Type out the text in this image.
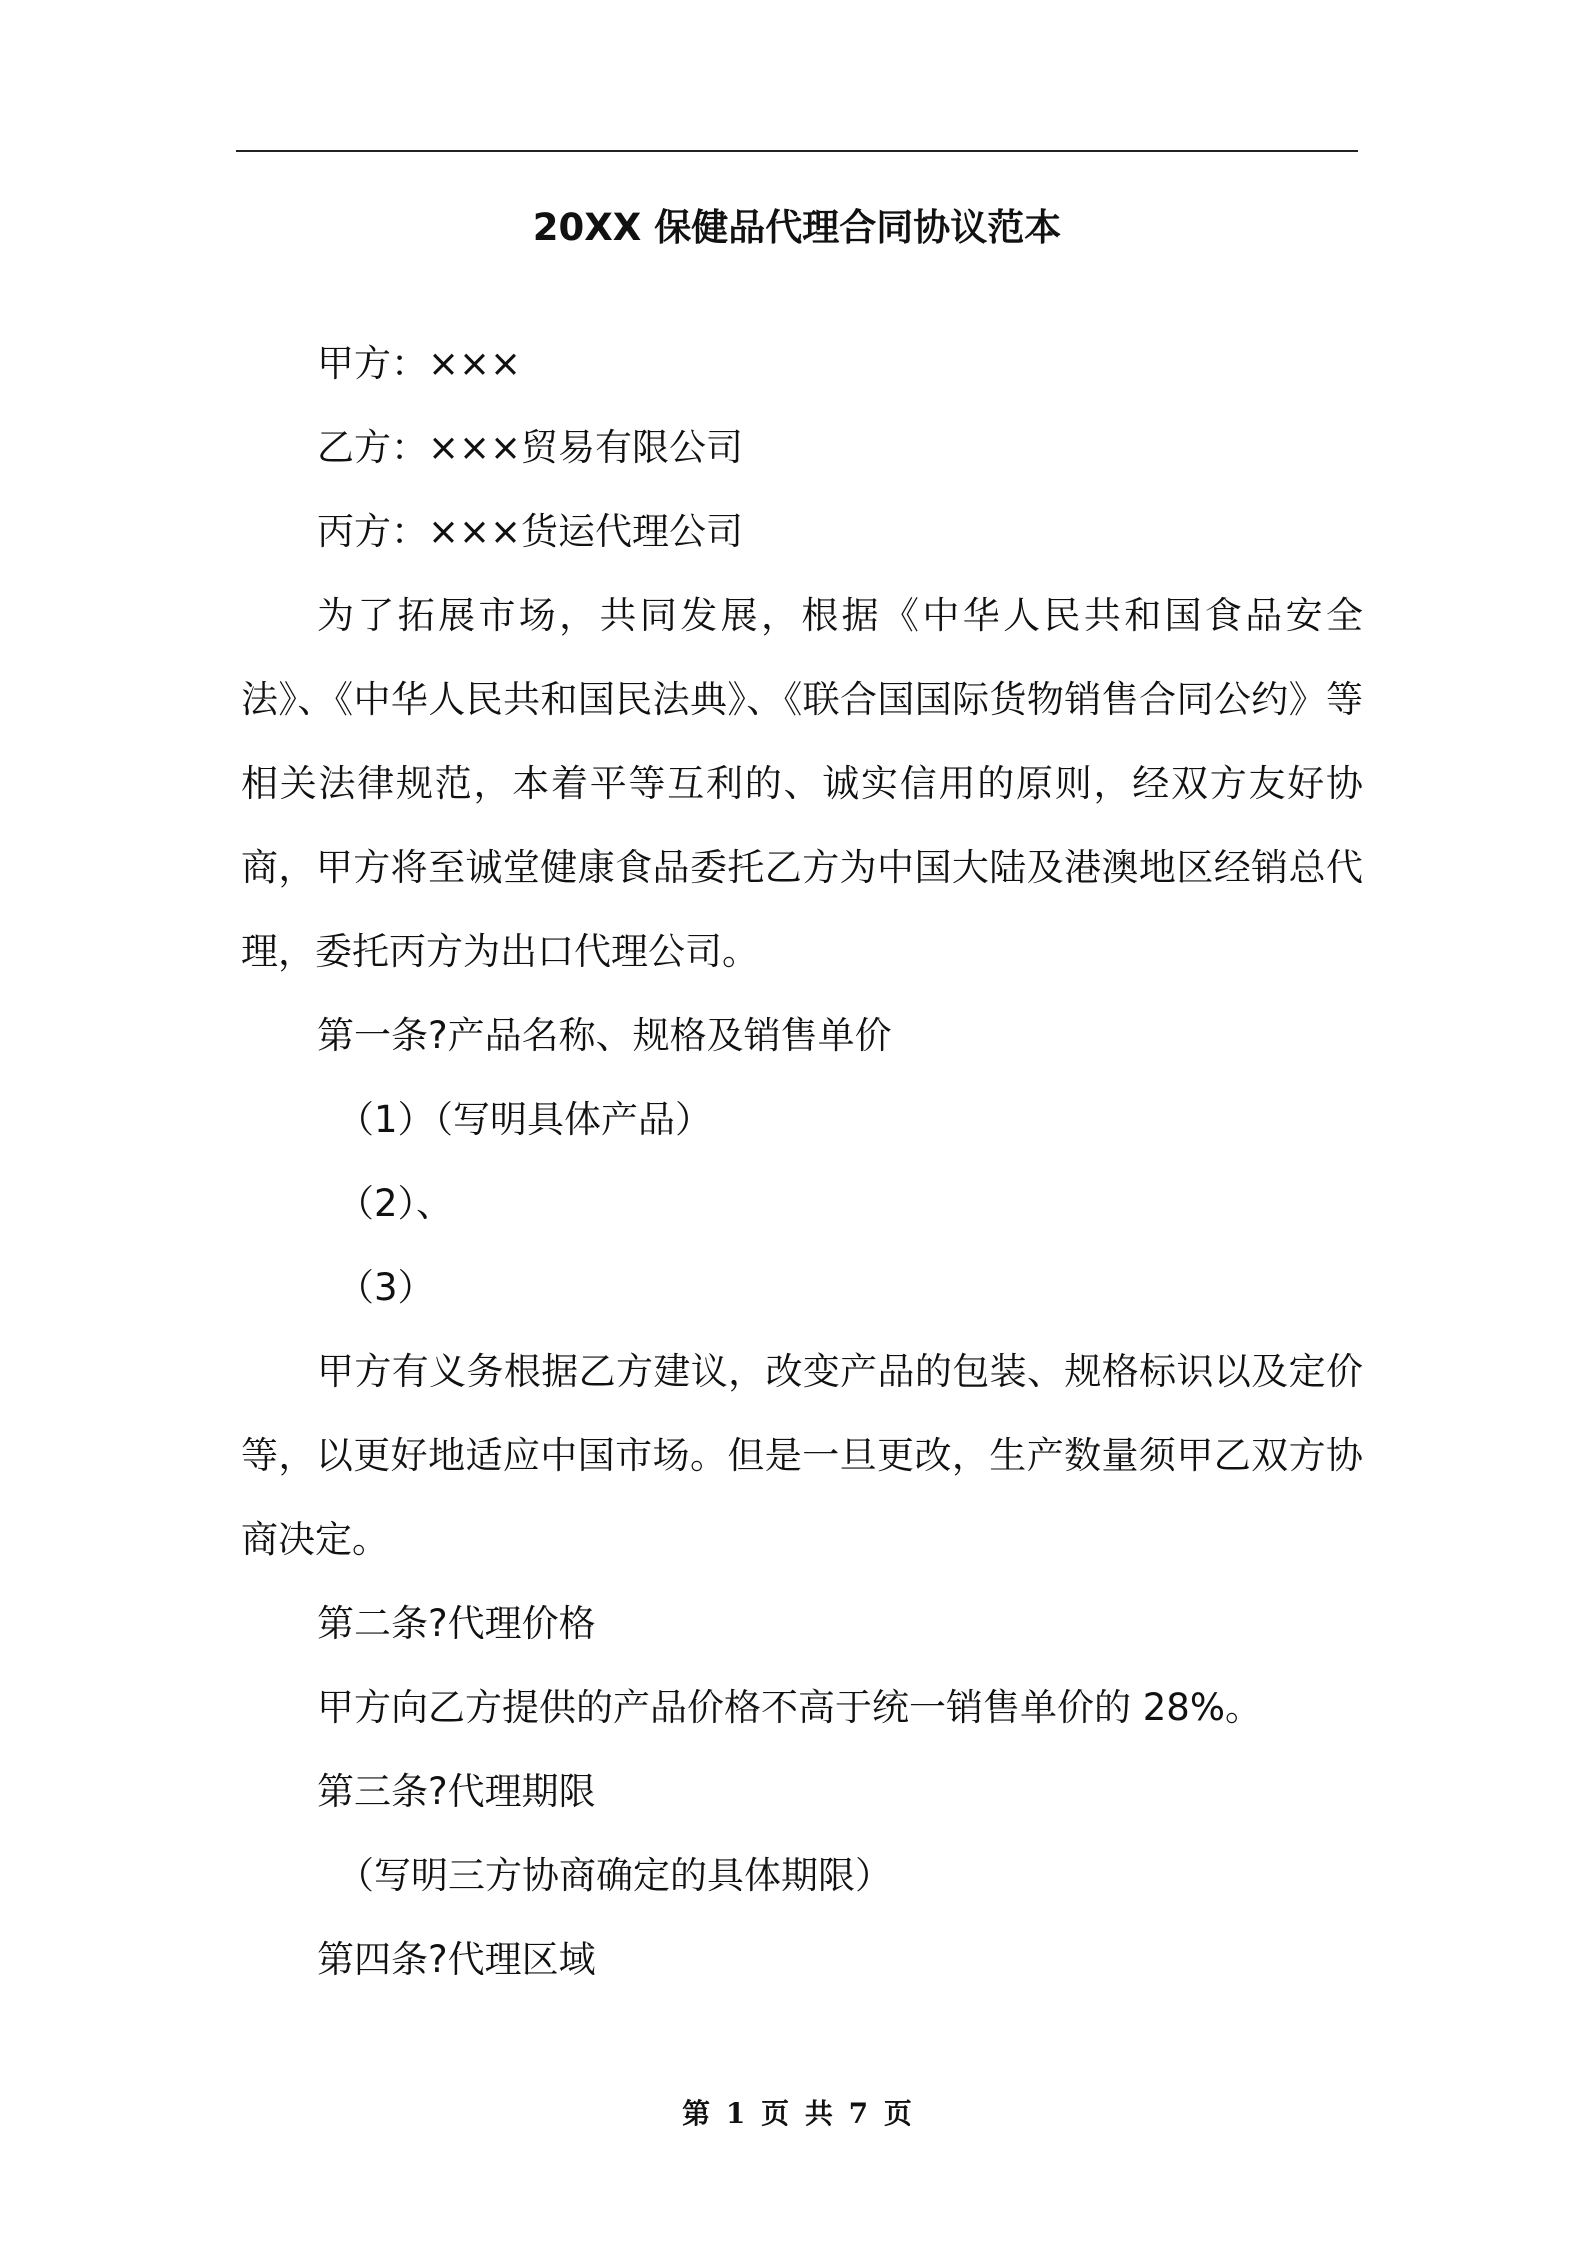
20XX 保健品代理合同协议范本

甲方：×××

乙方：×××贸易有限公司

丙方：×××货运代理公司

为了拓展市场，共同发展，根据《中华人民共和国食品安全法》、《中华人民共和国民法典》、《联合国国际货物销售合同公约》等相关法律规范，本着平等互利的、诚实信用的原则，经双方友好协商，甲方将至诚堂健康食品委托乙方为中国大陆及港澳地区经销总代理，委托丙方为出口代理公司。

第一条?产品名称、规格及销售单价

（1）（写明具体产品）

（2）、

（3）

甲方有义务根据乙方建议，改变产品的包装、规格标识以及定价等，以更好地适应中国市场。但是一旦更改，生产数量须甲乙双方协商决定。

第二条?代理价格

甲方向乙方提供的产品价格不高于统一销售单价的 28%。

第三条?代理期限

（写明三方协商确定的具体期限）

第四条?代理区域

第 1 页 共 7 页
